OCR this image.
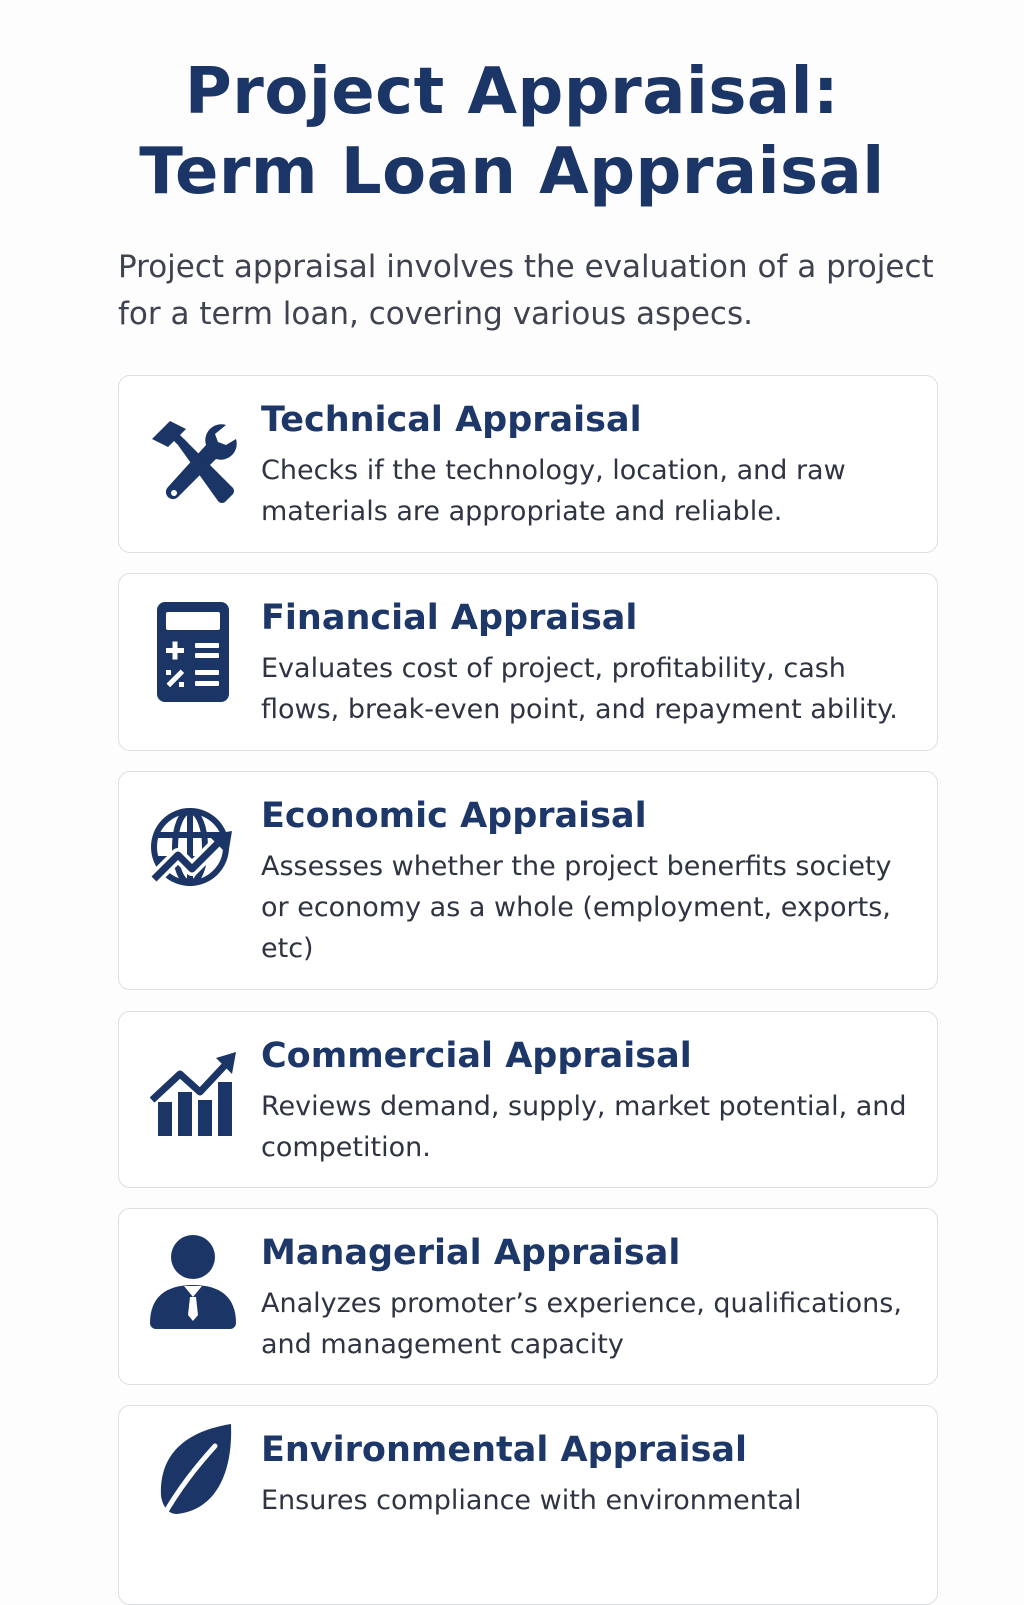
Project Appraisal:
Term Loan Appraisal

Project appraisal involves the evaluation of a project for a term loan, covering various aspecs.

Technical Appraisal
Checks if the technology, location, and raw materials are appropriate and reliable.
Financial Appraisal
Evaluates cost of project, profitability, cash flows, break-even point, and repayment ability.
Economic Appraisal
Assesses whether the project benerfits society or economy as a whole (employment, exports, etc)
Commercial Appraisal
Reviews demand, supply, market potential, and competition.
Managerial Appraisal
Analyzes promoter’s experience, qualifications, and management capacity
Environmental Appraisal
Ensures compliance with environmental
